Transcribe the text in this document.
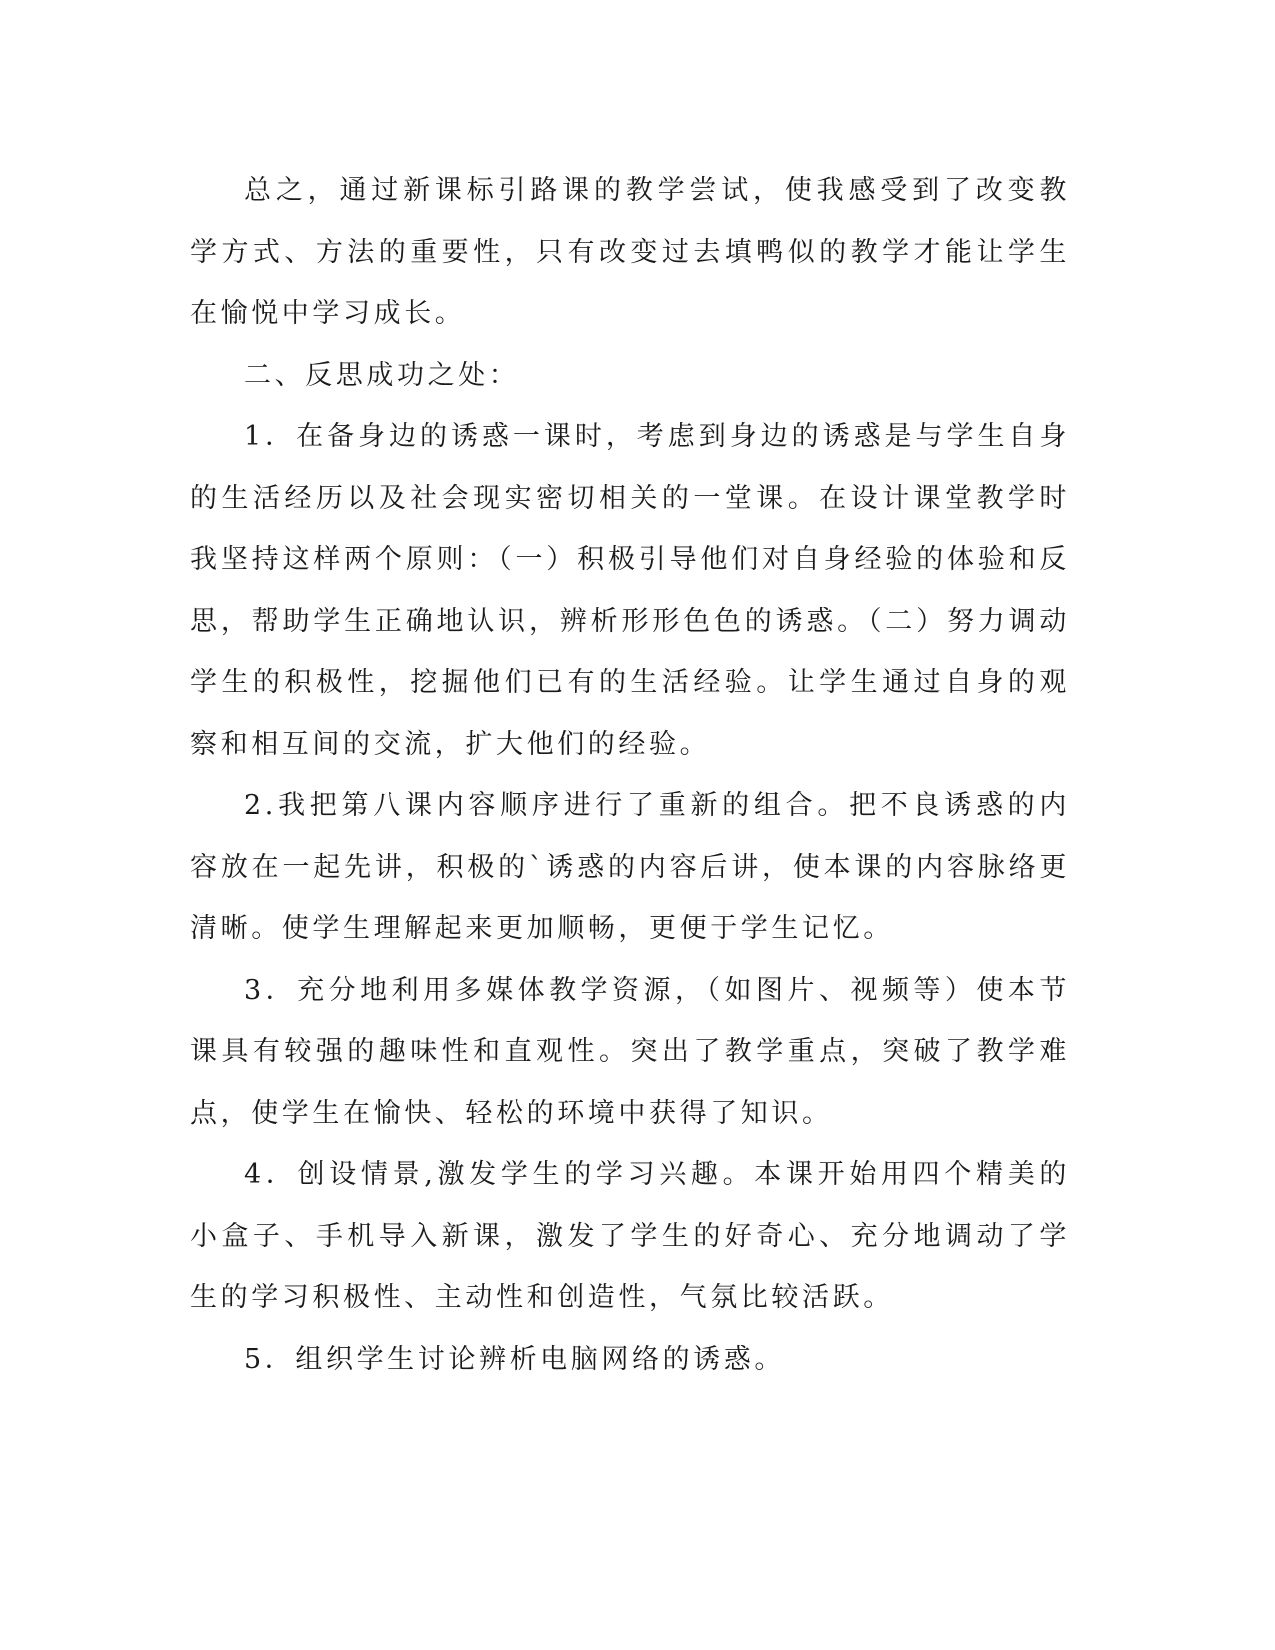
总之，通过新课标引路课的教学尝试，使我感受到了改变教学方式、方法的重要性，只有改变过去填鸭似的教学才能让学生在愉悦中学习成长。

二、反思成功之处：

1．在备身边的诱惑一课时，考虑到身边的诱惑是与学生自身的生活经历以及社会现实密切相关的一堂课。在设计课堂教学时我坚持这样两个原则：（一）积极引导他们对自身经验的体验和反思，帮助学生正确地认识，辨析形形色色的诱惑。（二）努力调动学生的积极性，挖掘他们已有的生活经验。让学生通过自身的观察和相互间的交流，扩大他们的经验。

2.我把第八课内容顺序进行了重新的组合。把不良诱惑的内容放在一起先讲，积极的`诱惑的内容后讲，使本课的内容脉络更清晰。使学生理解起来更加顺畅，更便于学生记忆。

3．充分地利用多媒体教学资源，（如图片、视频等）使本节课具有较强的趣味性和直观性。突出了教学重点，突破了教学难点，使学生在愉快、轻松的环境中获得了知识。

4．创设情景,激发学生的学习兴趣。本课开始用四个精美的小盒子、手机导入新课，激发了学生的好奇心、充分地调动了学生的学习积极性、主动性和创造性，气氛比较活跃。

5．组织学生讨论辨析电脑网络的诱惑。
